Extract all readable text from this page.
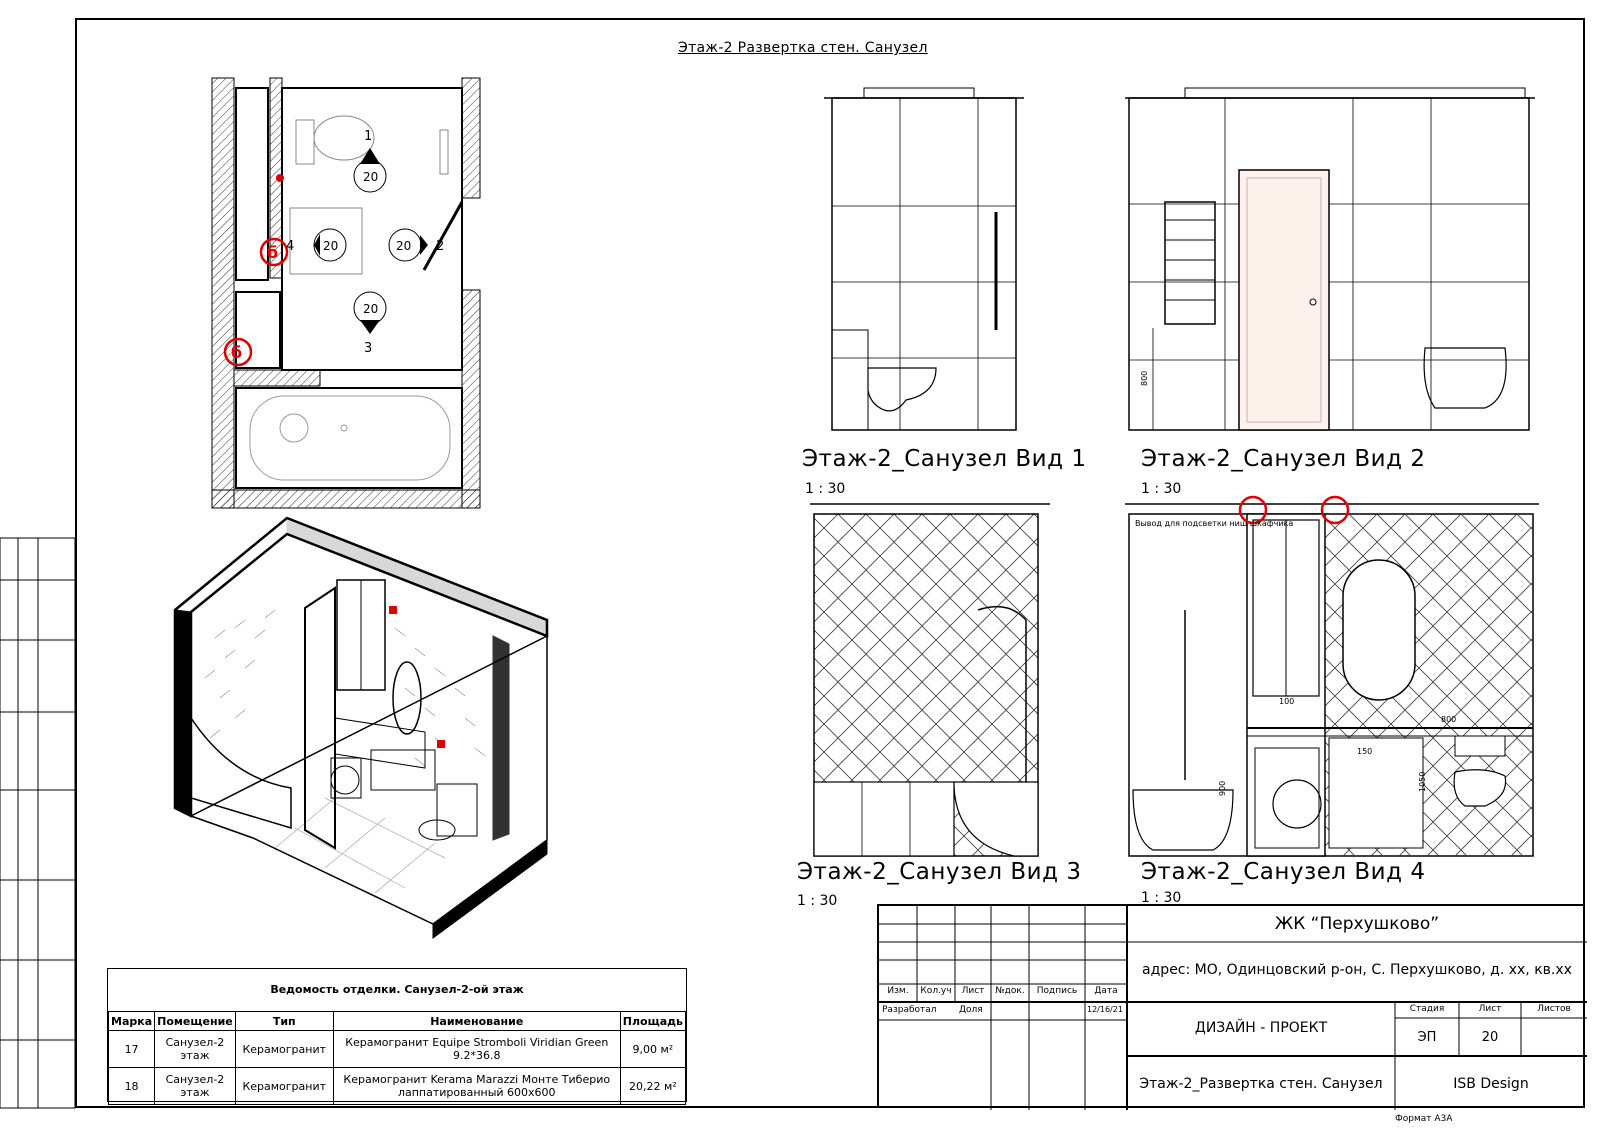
Этаж-2 Развертка стен. Санузел
20
1
20
4	20 2
20
3
б
б
Этаж-2_Санузел Вид 1
1 : 30
800
Этаж-2_Санузел Вид 2
1 : 30
Этаж-2_Санузел Вид 3
1 : 30
Вывод для подсветки ниш шкафчика
800
100
150
900	1050
Этаж-2_Санузел Вид 4
1 : 30
Ведомость отделки. Санузел-2-ой этаж
Марка	Помещение	Тип	Наименование	Площадь
17	Санузел-2 этаж	Керамогранит	Керамогранит Equipe Stromboli Viridian Green 9.2*36.8	9,00 м²
18	Санузел-2 этаж	Керамогранит	Керамогранит Kerama Marazzi Монте Тиберио лаппатированный 600х600	20,22 м²
Изм.	Кол.уч	Лист	№док.	Подпись	Дата
Разработал Доля	12/16/21
ЖК “Перхушково”
адрес: МО, Одинцовский р-он, С. Перхушково, д. хх, кв.хх
ДИЗАЙН - ПРОЕКТ
Стадия	Лист	Листов
ЭП	20
Этаж-2_Развертка стен. Санузел	ISB Design
Формат А3А
